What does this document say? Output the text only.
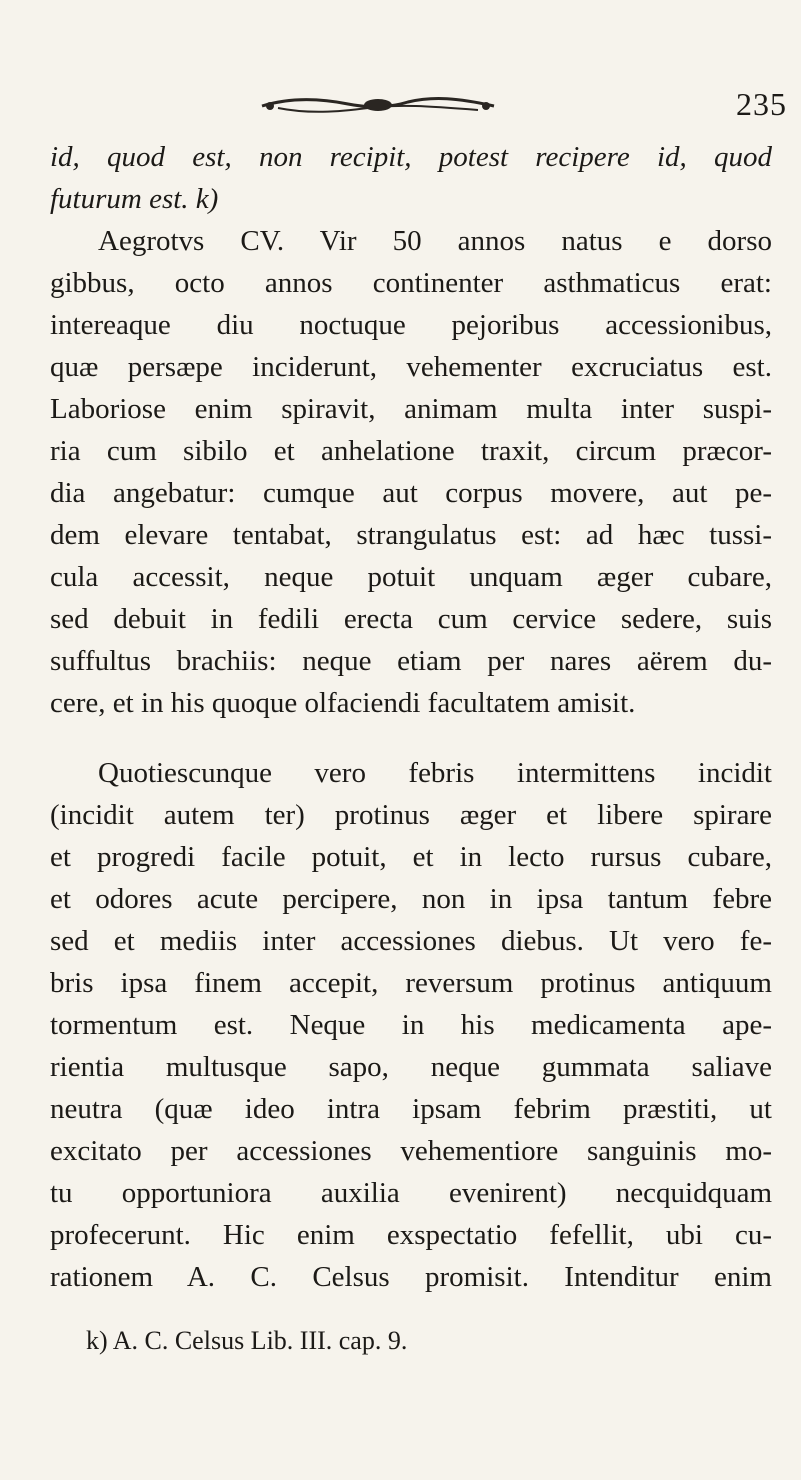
235
id, quod est, non recipit, potest recipere id, quod
futurum est. k)
Aegrotvs CV. Vir 50 annos natus e dorso
gibbus, octo annos continenter asthmaticus erat:
intereaque diu noctuque pejoribus accessionibus,
quæ persæpe inciderunt, vehementer excruciatus est.
Laboriose enim spiravit, animam multa inter suspi-
ria cum sibilo et anhelatione traxit, circum præcor-
dia angebatur: cumque aut corpus movere, aut pe-
dem elevare tentabat, strangulatus est: ad hæc tussi-
cula accessit, neque potuit unquam æger cubare,
sed debuit in fedili erecta cum cervice sedere, suis
suffultus brachiis: neque etiam per nares aërem du-
cere, et in his quoque olfaciendi facultatem amisit.
Quotiescunque vero febris intermittens incidit
(incidit autem ter) protinus æger et libere spirare
et progredi facile potuit, et in lecto rursus cubare,
et odores acute percipere, non in ipsa tantum febre
sed et mediis inter accessiones diebus. Ut vero fe-
bris ipsa finem accepit, reversum protinus antiquum
tormentum est. Neque in his medicamenta ape-
rientia multusque sapo, neque gummata saliave
neutra (quæ ideo intra ipsam febrim præstiti, ut
excitato per accessiones vehementiore sanguinis mo-
tu opportuniora auxilia evenirent) necquidquam
profecerunt. Hic enim exspectatio fefellit, ubi cu-
rationem A. C. Celsus promisit. Intenditur enim
k) A. C. Celsus Lib. III. cap. 9.
